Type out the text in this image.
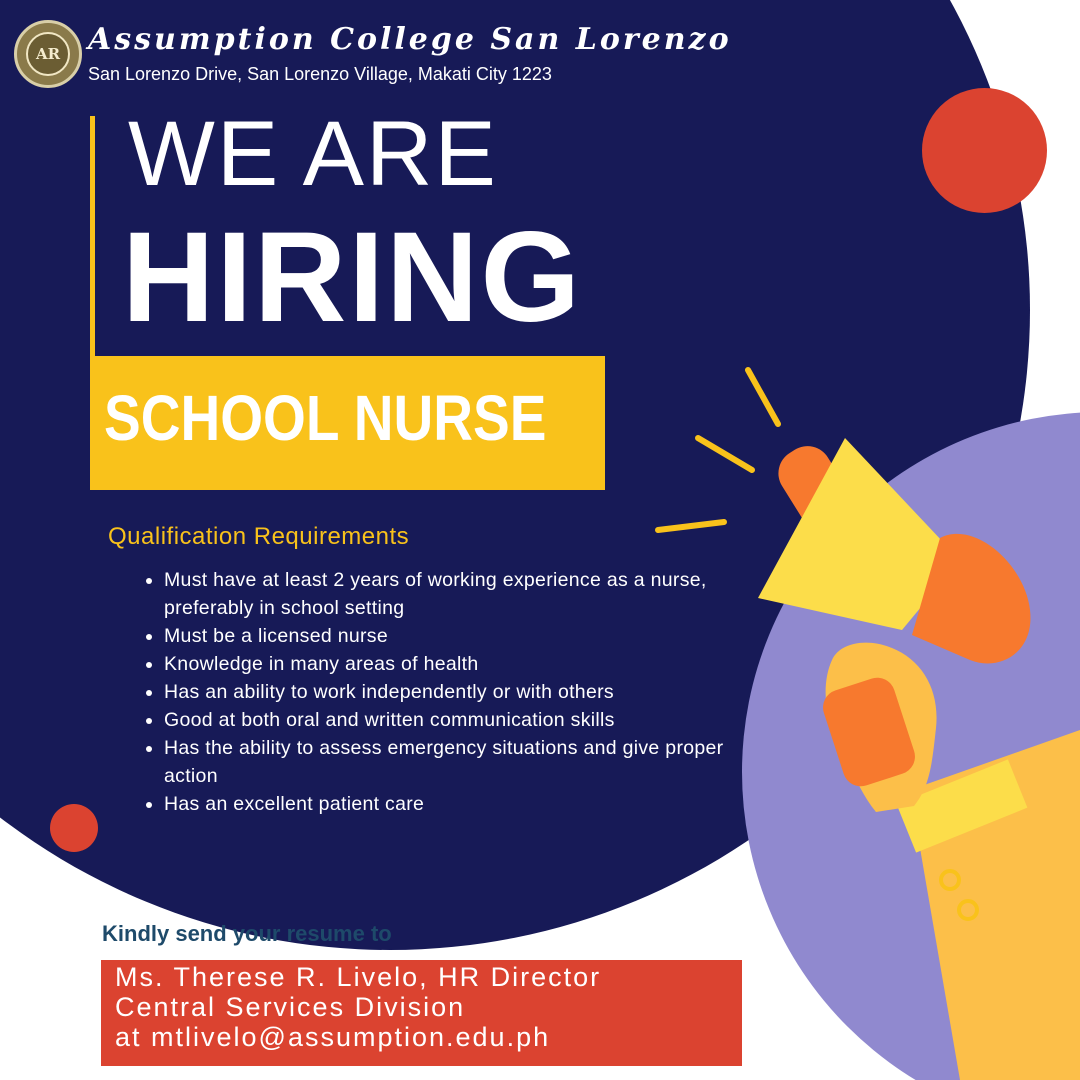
AR Assumption College San Lorenzo
San Lorenzo Drive, San Lorenzo Village, Makati City 1223
WE ARE
HIRING
SCHOOL NURSE
Qualification Requirements
• Must have at least 2 years of working experience as a nurse, preferably in school setting
• Must be a licensed nurse
• Knowledge in many areas of health
• Has an ability to work independently or with others
• Good at both oral and written communication skills
• Has the ability to assess emergency situations and give proper action
• Has an excellent patient care
Kindly send your resume to
Ms. Therese R. Livelo, HR Director
Central Services Division
at mtlivelo@assumption.edu.ph
